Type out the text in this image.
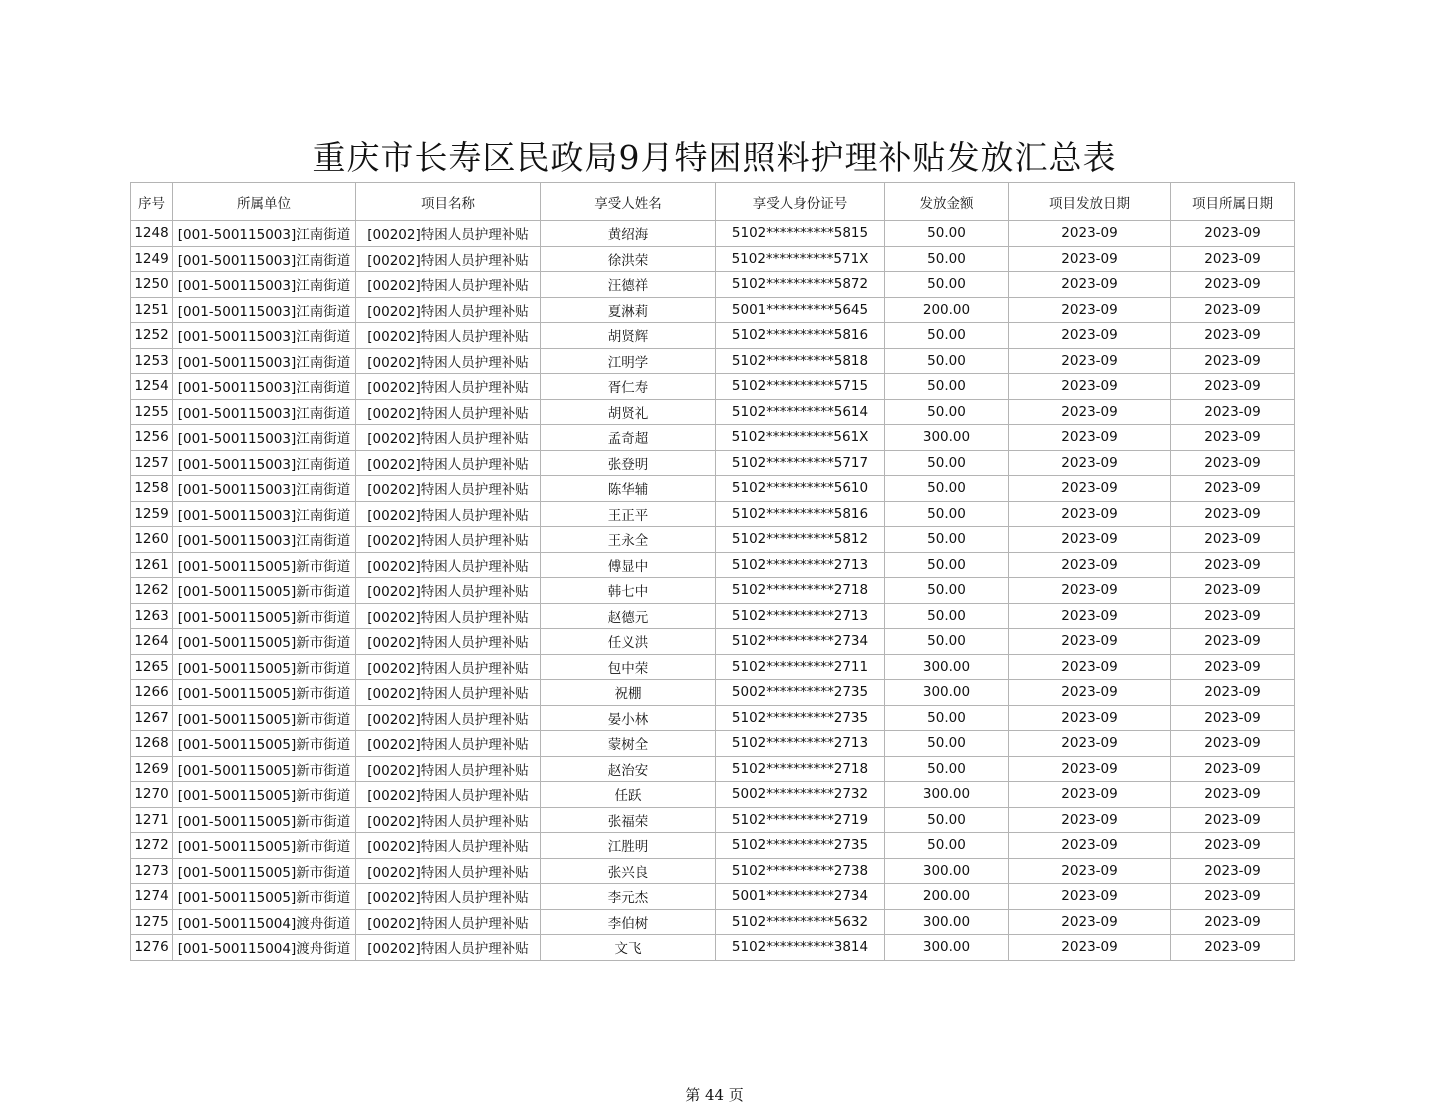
重庆市长寿区民政局9月特困照料护理补贴发放汇总表
序号	所属单位	项目名称	享受人姓名	享受人身份证号	发放金额	项目发放日期	项目所属日期
1248	[001-500115003]江南街道	[00202]特困人员护理补贴	黄绍海	5102**********5815	50.00	2023-09	2023-09
1249	[001-500115003]江南街道	[00202]特困人员护理补贴	徐洪荣	5102**********571X	50.00	2023-09	2023-09
1250	[001-500115003]江南街道	[00202]特困人员护理补贴	汪德祥	5102**********5872	50.00	2023-09	2023-09
1251	[001-500115003]江南街道	[00202]特困人员护理补贴	夏淋莉	5001**********5645	200.00	2023-09	2023-09
1252	[001-500115003]江南街道	[00202]特困人员护理补贴	胡贤辉	5102**********5816	50.00	2023-09	2023-09
1253	[001-500115003]江南街道	[00202]特困人员护理补贴	江明学	5102**********5818	50.00	2023-09	2023-09
1254	[001-500115003]江南街道	[00202]特困人员护理补贴	胥仁寿	5102**********5715	50.00	2023-09	2023-09
1255	[001-500115003]江南街道	[00202]特困人员护理补贴	胡贤礼	5102**********5614	50.00	2023-09	2023-09
1256	[001-500115003]江南街道	[00202]特困人员护理补贴	孟奇超	5102**********561X	300.00	2023-09	2023-09
1257	[001-500115003]江南街道	[00202]特困人员护理补贴	张登明	5102**********5717	50.00	2023-09	2023-09
1258	[001-500115003]江南街道	[00202]特困人员护理补贴	陈华辅	5102**********5610	50.00	2023-09	2023-09
1259	[001-500115003]江南街道	[00202]特困人员护理补贴	王正平	5102**********5816	50.00	2023-09	2023-09
1260	[001-500115003]江南街道	[00202]特困人员护理补贴	王永全	5102**********5812	50.00	2023-09	2023-09
1261	[001-500115005]新市街道	[00202]特困人员护理补贴	傅显中	5102**********2713	50.00	2023-09	2023-09
1262	[001-500115005]新市街道	[00202]特困人员护理补贴	韩七中	5102**********2718	50.00	2023-09	2023-09
1263	[001-500115005]新市街道	[00202]特困人员护理补贴	赵德元	5102**********2713	50.00	2023-09	2023-09
1264	[001-500115005]新市街道	[00202]特困人员护理补贴	任义洪	5102**********2734	50.00	2023-09	2023-09
1265	[001-500115005]新市街道	[00202]特困人员护理补贴	包中荣	5102**********2711	300.00	2023-09	2023-09
1266	[001-500115005]新市街道	[00202]特困人员护理补贴	祝棚	5002**********2735	300.00	2023-09	2023-09
1267	[001-500115005]新市街道	[00202]特困人员护理补贴	晏小林	5102**********2735	50.00	2023-09	2023-09
1268	[001-500115005]新市街道	[00202]特困人员护理补贴	蒙树全	5102**********2713	50.00	2023-09	2023-09
1269	[001-500115005]新市街道	[00202]特困人员护理补贴	赵治安	5102**********2718	50.00	2023-09	2023-09
1270	[001-500115005]新市街道	[00202]特困人员护理补贴	任跃	5002**********2732	300.00	2023-09	2023-09
1271	[001-500115005]新市街道	[00202]特困人员护理补贴	张福荣	5102**********2719	50.00	2023-09	2023-09
1272	[001-500115005]新市街道	[00202]特困人员护理补贴	江胜明	5102**********2735	50.00	2023-09	2023-09
1273	[001-500115005]新市街道	[00202]特困人员护理补贴	张兴良	5102**********2738	300.00	2023-09	2023-09
1274	[001-500115005]新市街道	[00202]特困人员护理补贴	李元杰	5001**********2734	200.00	2023-09	2023-09
1275	[001-500115004]渡舟街道	[00202]特困人员护理补贴	李伯树	5102**********5632	300.00	2023-09	2023-09
1276	[001-500115004]渡舟街道	[00202]特困人员护理补贴	文飞	5102**********3814	300.00	2023-09	2023-09
第 44 页
